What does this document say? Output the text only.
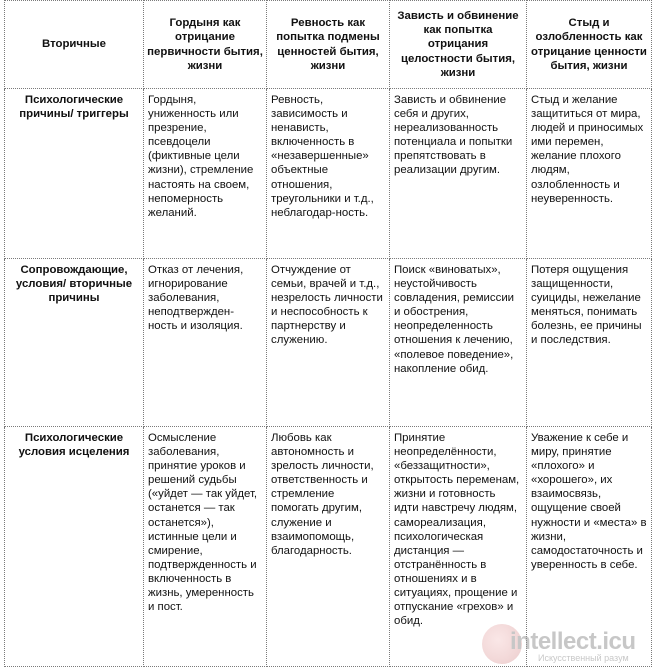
Вторичные	Гордыня как отрицание первичности бытия, жизни	Ревность как попытка подмены ценностей бытия, жизни	Зависть и обвинение как попытка отрицания целостности бытия, жизни	Стыд и озлобленность как отрицание ценности бытия, жизни
Психологические причины/ триггеры	Гордыня, униженность или презрение, псевдоцели (фиктивные цели жизни), стремление настоять на своем, непомерность желаний.	Ревность, зависимость и ненависть, включенность в «незавершенные» объектные отношения, треугольники и т.д., неблагодар-ность.	Зависть и обвинение себя и других, нереализованность потенциала и попытки препятствовать в реализации другим.	Стыд и желание защититься от мира, людей и приносимых ими перемен, желание плохого людям, озлобленность и неуверенность.
Сопровождающие, условия/ вторичные причины	Отказ от лечения, игнорирование заболевания, неподтвержден-ность и изоляция.	Отчуждение от семьи, врачей и т.д., незрелость личности и неспособность к партнерству и служению.	Поиск «виноватых», неустойчивость совладения, ремиссии и обострения, неопределенность отношения к лечению, «полевое поведение», накопление обид.	Потеря ощущения защищенности, суициды, нежелание меняться, понимать болезнь, ее причины и последствия.
Психологические условия исцеления	Осмысление заболевания, принятие уроков и решений судьбы («уйдет — так уйдет, останется — так останется»), истинные цели и смирение, подтвержденность и включенность в жизнь, умеренность и пост.	Любовь как автономность и зрелость личности, ответственность и стремление помогать другим, служение и взаимопомощь, благодарность.	Принятие неопределённости, «беззащитности», открытость переменам, жизни и готовность идти навстречу людям, самореализация, психологическая дистанция — отстранённость в отношениях и в ситуациях, прощение и отпускание «грехов» и обид.	Уважение к себе и миру, принятие «плохого» и «хорошего», их взаимосвязь, ощущение своей нужности и «места» в жизни, самодостаточность и уверенность в себе.
intellect.icu
Искусственный разум
